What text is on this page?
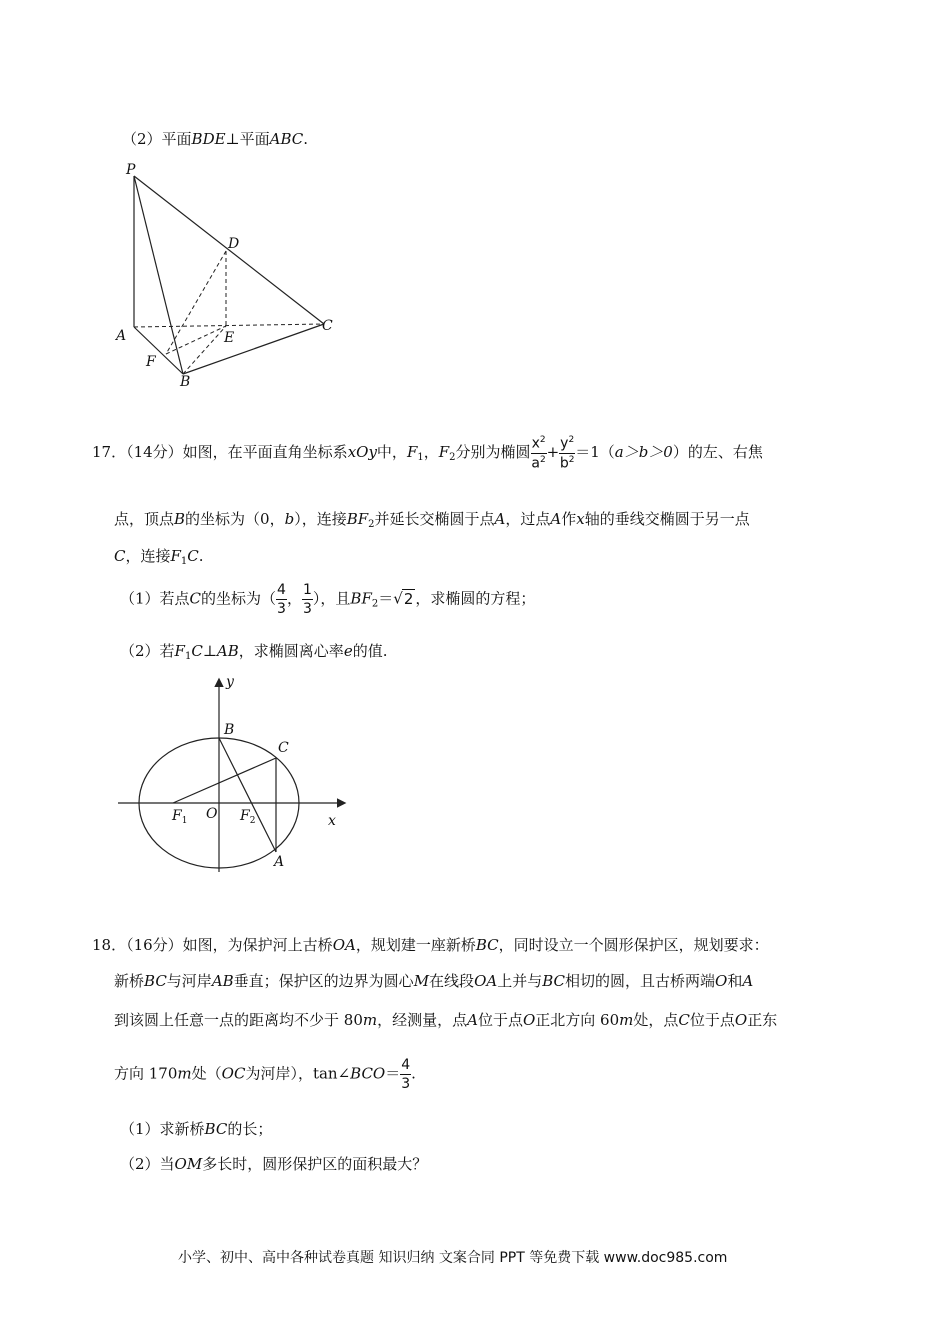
（2）平面BDE⊥平面ABC.
P
D
A	E
C
F
B
17．（14分）如图，在平面直角坐标系xOy中，$F_1$，$F_2$分别为椭圆 $\frac{x^2}{a^2} + \frac{y^2}{b^2} =1(a>b>0)$的左、右焦
点，顶点B的坐标为（0，b），连接$BF_2$并延长交椭圆于点A，过点A作x轴的垂线交椭圆于另一点
C，连接$F_1C$.
（1）若点C的坐标为（ $\frac{4}{3}$ ， $\frac{1}{3}$ ），且$BF_2=√2$ ，求椭圆的方程；
（2）若$F_1C\perp AB$，求椭圆离心率e的值.
y
B
C
$F_1$ O $F_2$	x
A
18．（16分）如图，为保护河上古桥OA，规划建一座新桥BC，同时设立一个圆形保护区，规划要求：
新桥BC与河岸AB垂直；保护区的边界为圆心M在线段OA上并与BC相切的圆，且古桥两端O和A
到该圆上任意一点的距离均不少于 80m，经测量，点A位于点O正北方向 60m处，点C位于点O正东
方向 170m处（OC为河岸），tan∠BCO＝ $\frac{4}{3}$ .
（1）求新桥BC的长；
（2）当OM多长时，圆形保护区的面积最大？
小学、初中、高中各种试卷真题 知识归纳 文案合同 PPT 等免费下载 www.doc985.com
